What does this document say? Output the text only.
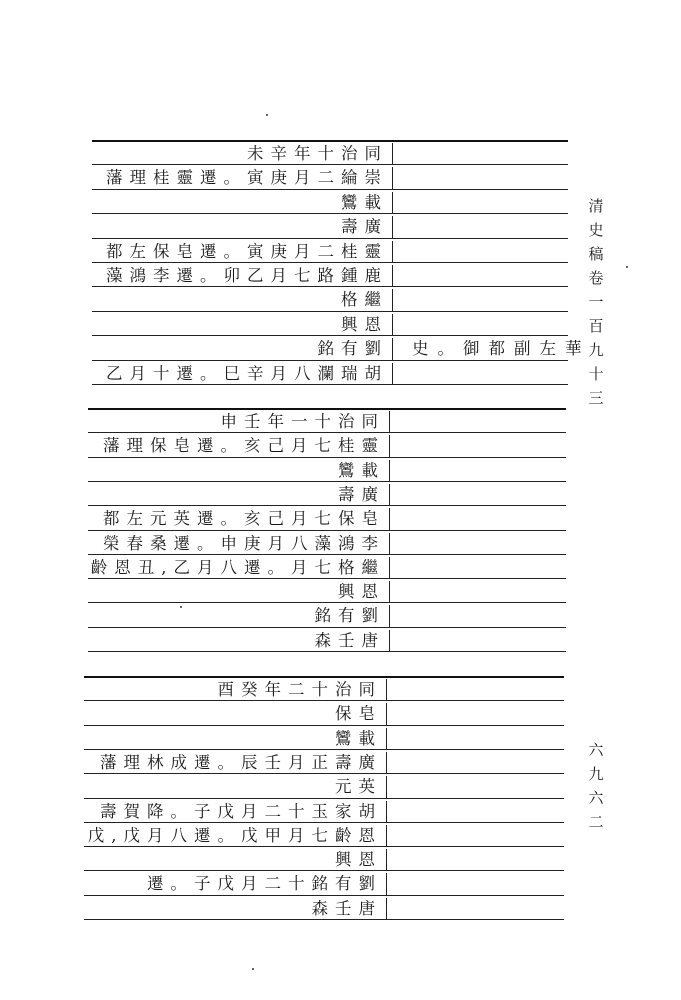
未辛年十治同
藩理桂靈遷。寅庚月二綸崇
鸞載
壽廣
都左保皂遷。寅庚月二桂靈
藻鴻李遷。卯乙月七路鍾鹿
格繼
興恩
銘有劉 史。御都副左華
乙月十遷。巳辛月八瀾瑞胡
申壬年一十治同
藩理保皂遷。亥己月七桂靈
鸞載
壽廣
都左元英遷。亥己月七保皂
榮春桑遷。申庚月八藻鴻李
齡恩丑,乙月八遷。月七格繼
興恩
銘有劉
森壬唐
酉癸年二十治同
保皂
鸞載
藩理林成遷。辰壬月正壽廣
元英
壽賀降。子戊月二十玉家胡
戊,戊月八遷。戊甲月七齡恩
興恩
遷。子戊月二十銘有劉
森壬唐
清
史
稿
卷
一
百
九
十
三
六
九
六
二
